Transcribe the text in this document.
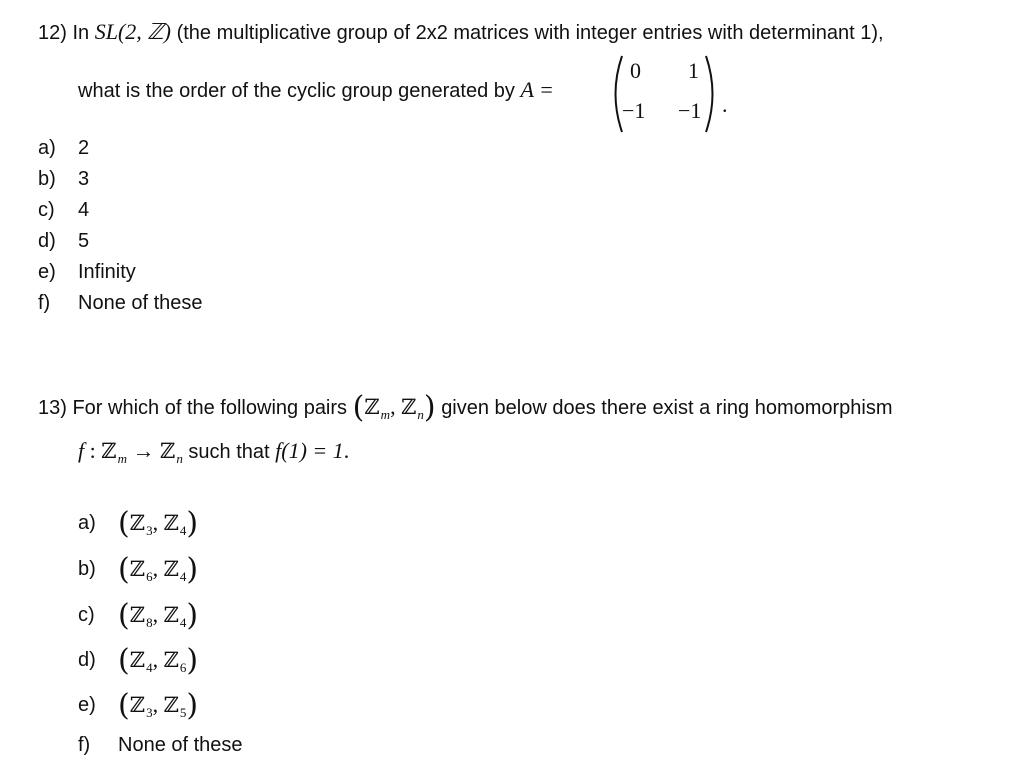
12) In SL(2, ℤ) (the multiplicative group of 2x2 matrices with integer entries with determinant 1),
what is the order of the cyclic group generated by A =
0 1
−1 −1 .
a) 2
b) 3
c) 4
d) 5
e) Infinity
f) None of these
13) For which of the following pairs (ℤ$_m$, ℤ$_n$) given below does there exist a ring homomorphism
f : ℤ$_m$ → ℤ$_n$ such that f(1) = 1.
a) (ℤ$_3$, ℤ$_4$)
b) (ℤ$_6$, ℤ$_4$)
c) (ℤ$_8$, ℤ$_4$)
d) (ℤ$_4$, ℤ$_6$)
e) (ℤ$_3$, ℤ$_5$)
f) None of these
